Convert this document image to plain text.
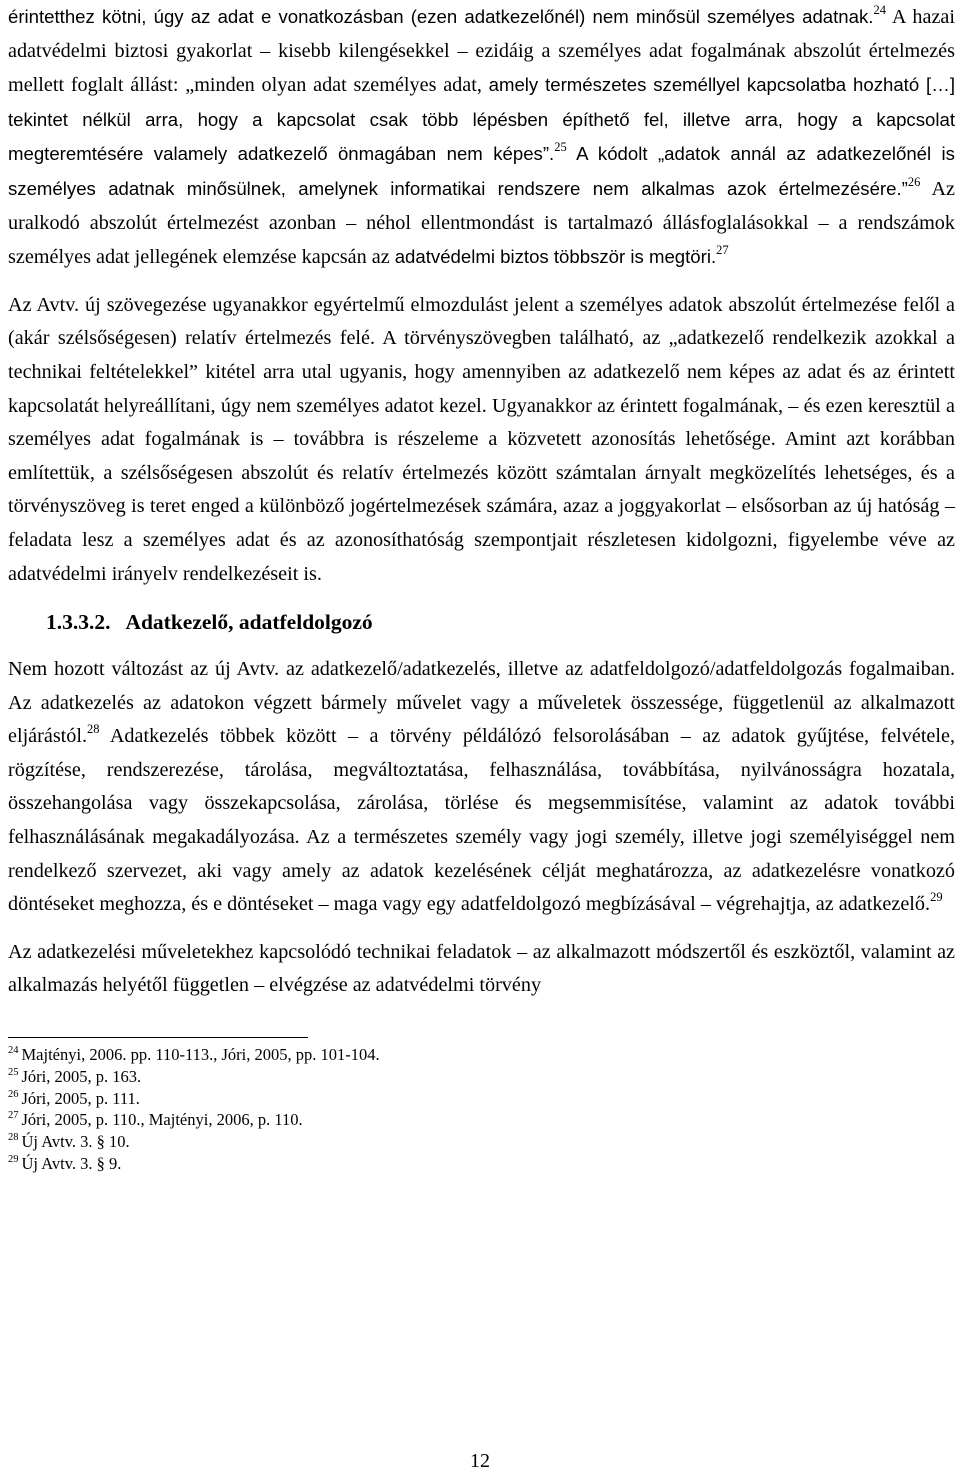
érintetthez kötni, úgy az adat e vonatkozásban (ezen adatkezelőnél) nem minősül személyes adatnak.$^{24}$ A hazai adatvédelmi biztosi gyakorlat – kisebb kilengésekkel – ezidáig a személyes adat fogalmának abszolút értelmezés mellett foglalt állást: „minden olyan adat személyes adat, amely természetes személlyel kapcsolatba hozható […] tekintet nélkül arra, hogy a kapcsolat csak több lépésben építhető fel, illetve arra, hogy a kapcsolat megteremtésére valamely adatkezelő önmagában nem képes”.$^{25}$ A kódolt „adatok annál az adatkezelőnél is személyes adatnak minősülnek, amelynek informatikai rendszere nem alkalmas azok értelmezésére.”$^{26}$ Az uralkodó abszolút értelmezést azonban – néhol ellentmondást is tartalmazó állásfoglalásokkal – a rendszámok személyes adat jellegének elemzése kapcsán az adatvédelmi biztos többször is megtöri.$^{27}$

Az Avtv. új szövegezése ugyanakkor egyértelmű elmozdulást jelent a személyes adatok abszolút értelmezése felől a (akár szélsőségesen) relatív értelmezés felé. A törvényszövegben található, az „adatkezelő rendelkezik azokkal a technikai feltételekkel” kitétel arra utal ugyanis, hogy amennyiben az adatkezelő nem képes az adat és az érintett kapcsolatát helyreállítani, úgy nem személyes adatot kezel. Ugyanakkor az érintett fogalmának, – és ezen keresztül a személyes adat fogalmának is – továbbra is részeleme a közvetett azonosítás lehetősége. Amint azt korábban említettük, a szélsőségesen abszolút és relatív értelmezés között számtalan árnyalt megközelítés lehetséges, és a törvényszöveg is teret enged a különböző jogértelmezések számára, azaz a joggyakorlat – elsősorban az új hatóság – feladata lesz a személyes adat és az azonosíthatóság szempontjait részletesen kidolgozni, figyelembe véve az adatvédelmi irányelv rendelkezéseit is.

1.3.3.2. Adatkezelő, adatfeldolgozó

Nem hozott változást az új Avtv. az adatkezelő/adatkezelés, illetve az adatfeldolgozó/adatfeldolgozás fogalmaiban. Az adatkezelés az adatokon végzett bármely művelet vagy a műveletek összessége, függetlenül az alkalmazott eljárástól.$^{28}$ Adatkezelés többek között – a törvény példálózó felsorolásában – az adatok gyűjtése, felvétele, rögzítése, rendszerezése, tárolása, megváltoztatása, felhasználása, továbbítása, nyilvánosságra hozatala, összehangolása vagy összekapcsolása, zárolása, törlése és megsemmisítése, valamint az adatok további felhasználásának megakadályozása. Az a természetes személy vagy jogi személy, illetve jogi személyiséggel nem rendelkező szervezet, aki vagy amely az adatok kezelésének célját meghatározza, az adatkezelésre vonatkozó döntéseket meghozza, és e döntéseket – maga vagy egy adatfeldolgozó megbízásával – végrehajtja, az adatkezelő.$^{29}$

Az adatkezelési műveletekhez kapcsolódó technikai feladatok – az alkalmazott módszertől és eszköztől, valamint az alkalmazás helyétől független – elvégzése az adatvédelmi törvény

$^{24}$ Majtényi, 2006. pp. 110-113., Jóri, 2005, pp. 101-104.

$^{25}$ Jóri, 2005, p. 163.

$^{26}$ Jóri, 2005, p. 111.

$^{27}$ Jóri, 2005, p. 110., Majtényi, 2006, p. 110.

$^{28}$ Új Avtv. 3. § 10.

$^{29}$ Új Avtv. 3. § 9.

12
